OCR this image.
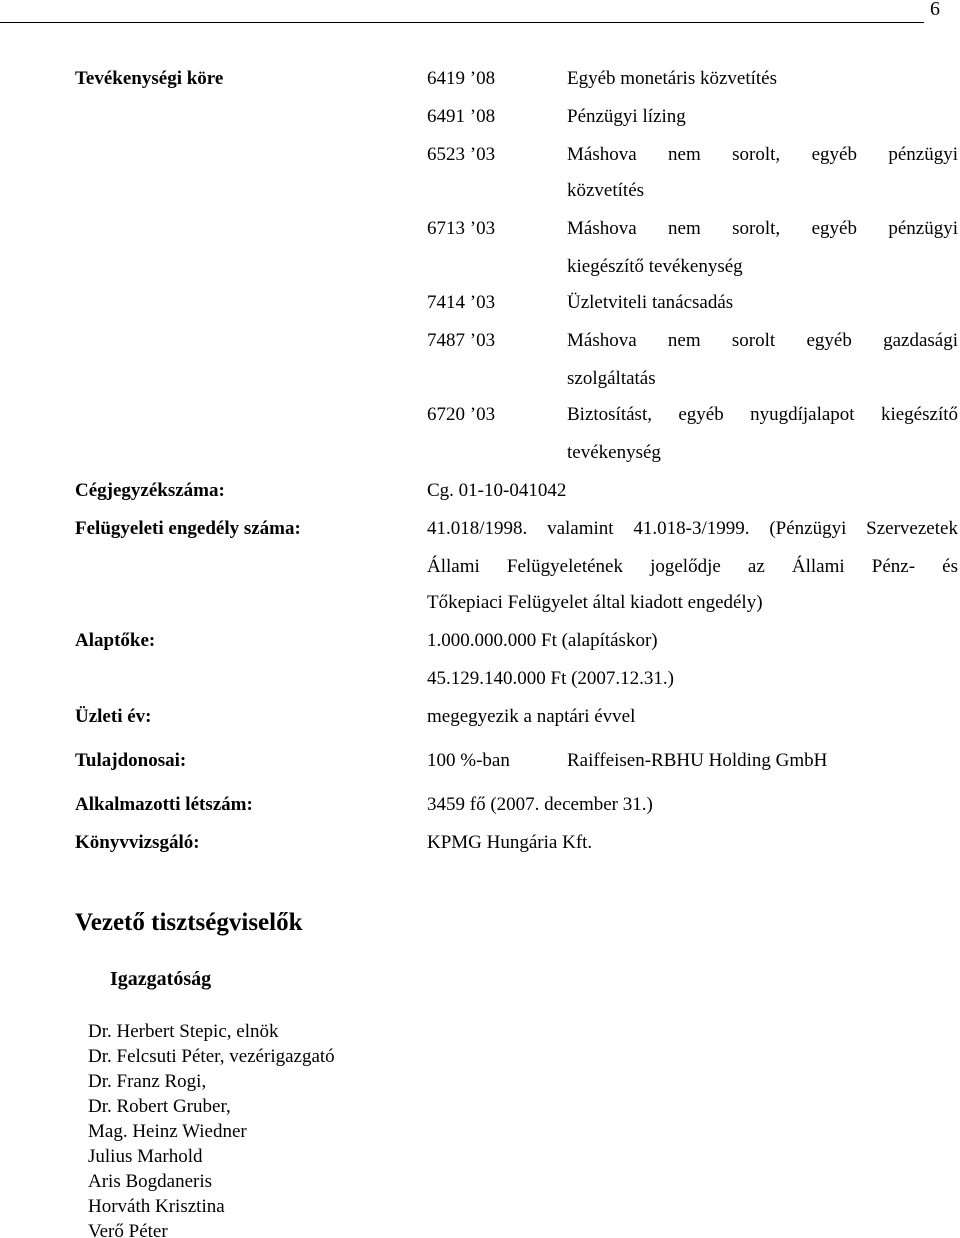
6
Tevékenységi köre	6419 ’08	Egyéb monetáris közvetítés
6491 ’08	Pénzügyi lízing
6523 ’03	Máshova nem sorolt, egyéb pénzügyi
közvetítés
6713 ’03	Máshova nem sorolt, egyéb pénzügyi
kiegészítő tevékenység
7414 ’03	Üzletviteli tanácsadás
7487 ’03	Máshova nem sorolt egyéb gazdasági
szolgáltatás
6720 ’03	Biztosítást, egyéb nyugdíjalapot kiegészítő
tevékenység
Cégjegyzékszáma:	Cg. 01-10-041042
Felügyeleti engedély száma:	41.018/1998. valamint 41.018-3/1999. (Pénzügyi Szervezetek
Állami Felügyeletének jogelődje az Állami Pénz- és
Tőkepiaci Felügyelet által kiadott engedély)
Alaptőke:	1.000.000.000 Ft (alapításkor)
45.129.140.000 Ft (2007.12.31.)
Üzleti év:	megegyezik a naptári évvel
Tulajdonosai:	100 %-ban	Raiffeisen-RBHU Holding GmbH
Alkalmazotti létszám:	3459 fő (2007. december 31.)
Könyvvizsgáló:	KPMG Hungária Kft.
Vezető tisztségviselők
Igazgatóság
Dr. Herbert Stepic, elnök
Dr. Felcsuti Péter, vezérigazgató
Dr. Franz Rogi,
Dr. Robert Gruber,
Mag. Heinz Wiedner
Julius Marhold
Aris Bogdaneris
Horváth Krisztina
Verő Péter
